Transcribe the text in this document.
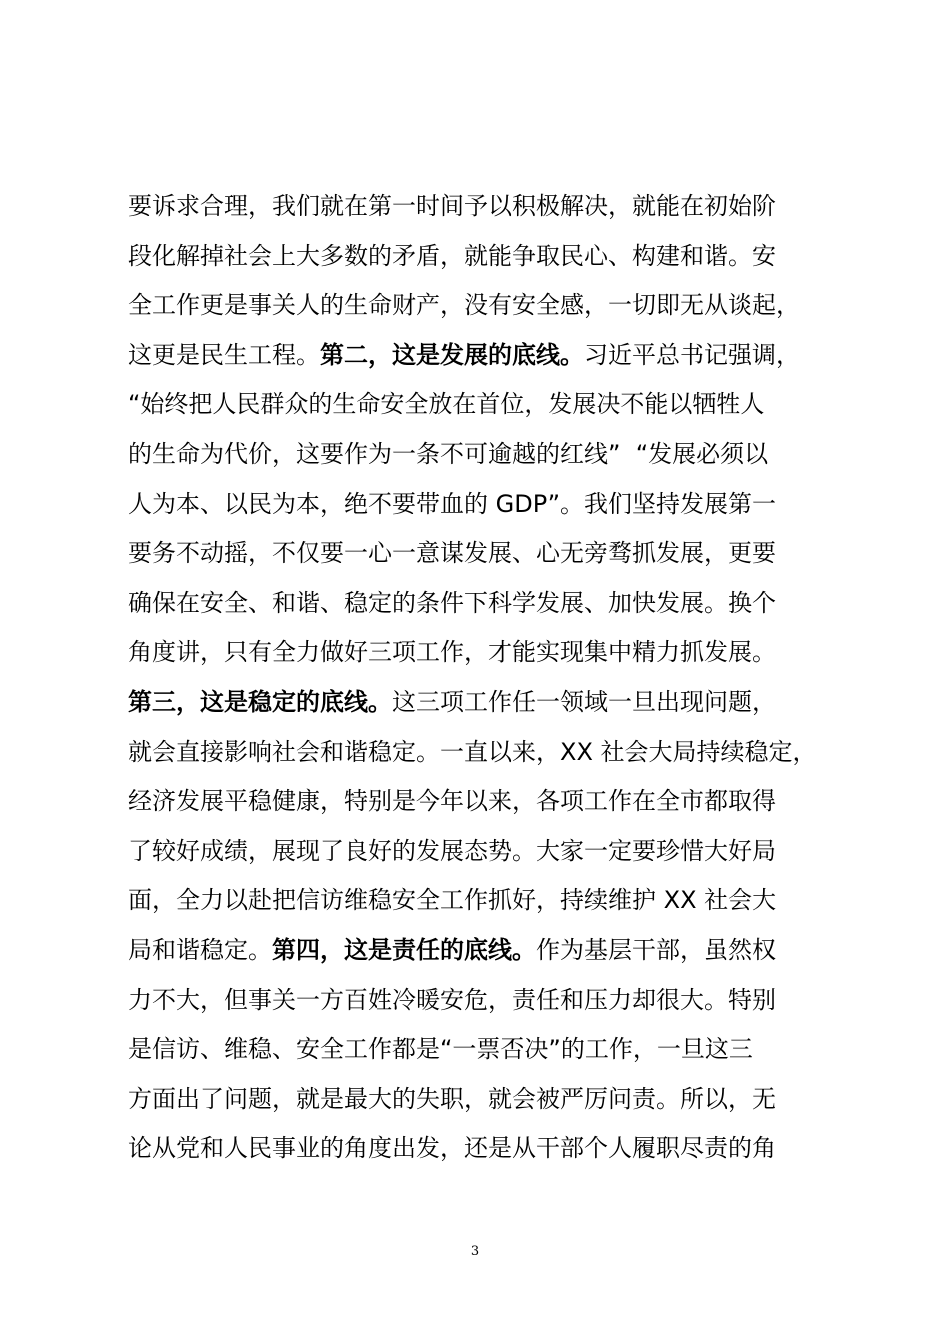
要诉求合理，我们就在第一时间予以积极解决，就能在初始阶
段化解掉社会上大多数的矛盾，就能争取民心、构建和谐。安
全工作更是事关人的生命财产，没有安全感，一切即无从谈起，
这更是民生工程。第二，这是发展的底线。习近平总书记强调，
“始终把人民群众的生命安全放在首位，发展决不能以牺牲人
的生命为代价，这要作为一条不可逾越的红线”  “发展必须以
人为本、以民为本，绝不要带血的 GDP”。我们坚持发展第一
要务不动摇，不仅要一心一意谋发展、心无旁骛抓发展，更要
确保在安全、和谐、稳定的条件下科学发展、加快发展。换个
角度讲，只有全力做好三项工作，才能实现集中精力抓发展。
第三，这是稳定的底线。这三项工作任一领域一旦出现问题，
就会直接影响社会和谐稳定。一直以来，XX 社会大局持续稳定，
经济发展平稳健康，特别是今年以来，各项工作在全市都取得
了较好成绩，展现了良好的发展态势。大家一定要珍惜大好局
面，全力以赴把信访维稳安全工作抓好，持续维护 XX 社会大
局和谐稳定。第四，这是责任的底线。作为基层干部，虽然权
力不大，但事关一方百姓冷暖安危，责任和压力却很大。特别
是信访、维稳、安全工作都是“一票否决”的工作，一旦这三
方面出了问题，就是最大的失职，就会被严厉问责。所以，无
论从党和人民事业的角度出发，还是从干部个人履职尽责的角
3
